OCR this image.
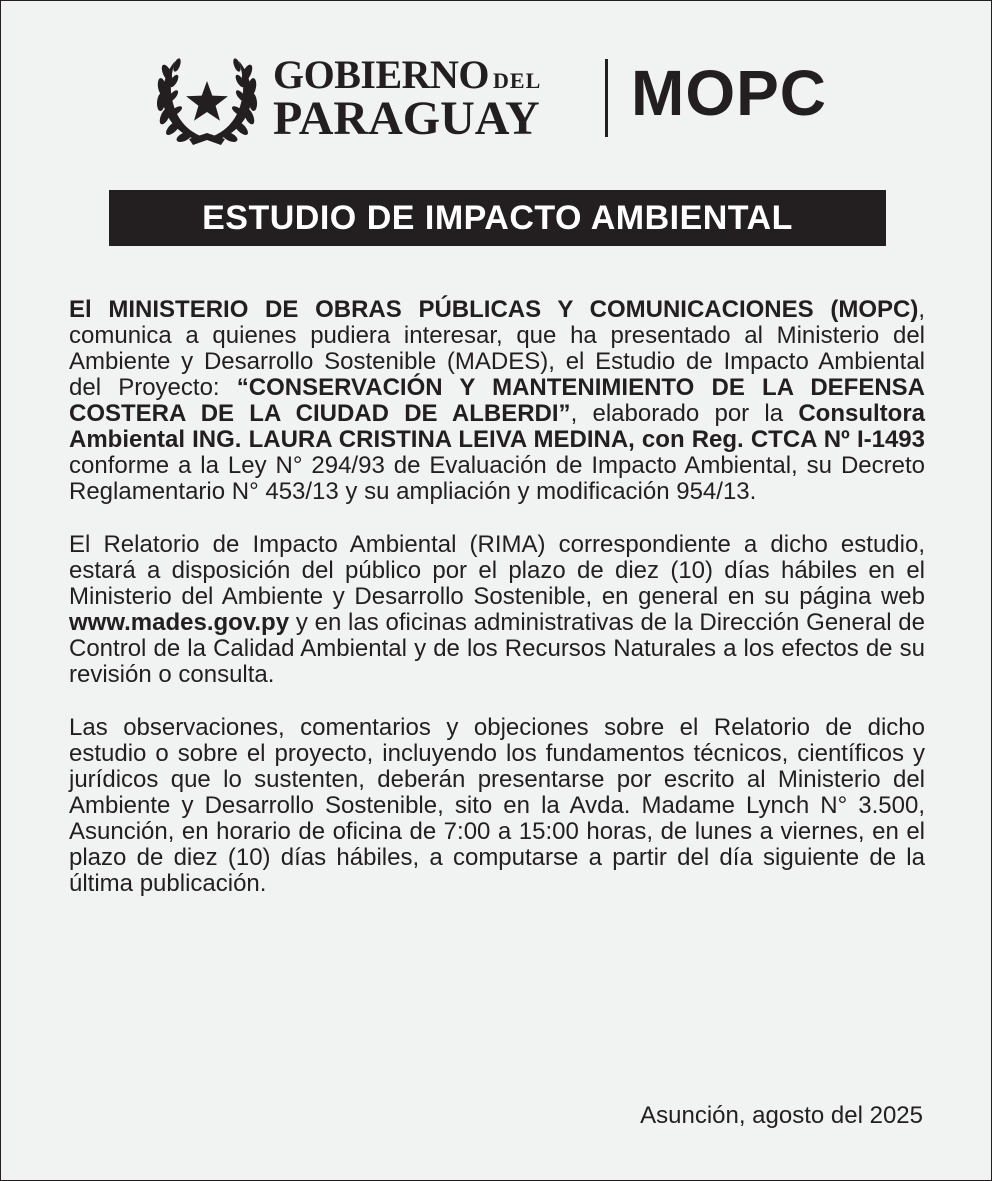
GOBIERNO DEL
PARAGUAY MOPC
ESTUDIO DE IMPACTO AMBIENTAL

El MINISTERIO DE OBRAS PÚBLICAS Y COMUNICACIONES (MOPC), comunica a quienes pudiera interesar, que ha presentado al Ministerio del Ambiente y Desarrollo Sostenible (MADES), el Estudio de Impacto Ambiental del Proyecto: “CONSERVACIÓN Y MANTENIMIENTO DE LA DEFENSA COSTERA DE LA CIUDAD DE ALBERDI”, elaborado por la Consultora Ambiental ING. LAURA CRISTINA LEIVA MEDINA, con Reg. CTCA Nº I-1493 conforme a la Ley N° 294/93 de Evaluación de Impacto Ambiental, su Decreto Reglamentario N° 453/13 y su ampliación y modificación 954/13.

El Relatorio de Impacto Ambiental (RIMA) correspondiente a dicho estudio, estará a disposición del público por el plazo de diez (10) días hábiles en el Ministerio del Ambiente y Desarrollo Sostenible, en general en su página web www.mades.gov.py y en las oficinas administrativas de la Dirección General de Control de la Calidad Ambiental y de los Recursos Naturales a los efectos de su revisión o consulta.

Las observaciones, comentarios y objeciones sobre el Relatorio de dicho estudio o sobre el proyecto, incluyendo los fundamentos técnicos, científicos y jurídicos que lo sustenten, deberán presentarse por escrito al Ministerio del Ambiente y Desarrollo Sostenible, sito en la Avda. Madame Lynch N° 3.500, Asunción, en horario de oficina de 7:00 a 15:00 horas, de lunes a viernes, en el plazo de diez (10) días hábiles, a computarse a partir del día siguiente de la última publicación.

Asunción, agosto del 2025
